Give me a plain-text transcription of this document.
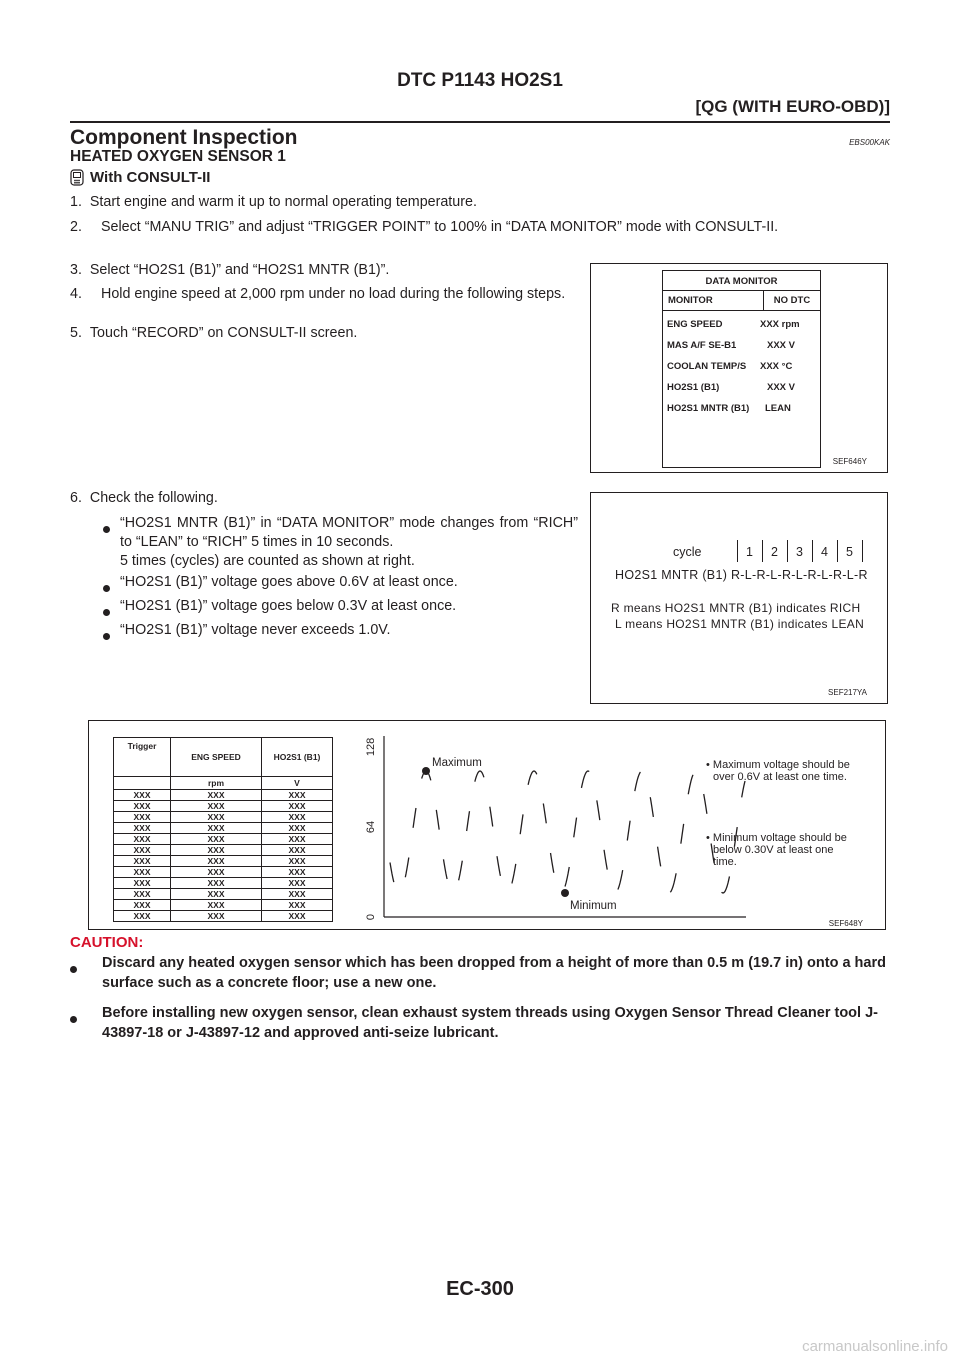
DTC P1143 HO2S1
[QG (WITH EURO-OBD)]
Component Inspection	EBS00KAK
HEATED OXYGEN SENSOR 1
With CONSULT-II
1. Start engine and warm it up to normal operating temperature.
2.	Select “MANU TRIG” and adjust “TRIGGER POINT” to 100% in “DATA MONITOR” mode with CONSULT-II.
3. Select “HO2S1 (B1)” and “HO2S1 MNTR (B1)”.
4.	Hold engine speed at 2,000 rpm under no load during the following steps.
5. Touch “RECORD” on CONSULT-II screen.
6. Check the following.
“HO2S1 MNTR (B1)” in “DATA MONITOR” mode changes from “RICH” to “LEAN” to “RICH” 5 times in 10 seconds.
5 times (cycles) are counted as shown at right.
“HO2S1 (B1)” voltage goes above 0.6V at least once.
“HO2S1 (B1)” voltage goes below 0.3V at least once.
“HO2S1 (B1)” voltage never exceeds 1.0V.
DATA MONITOR
MONITOR	NO DTC
ENG SPEED	XXX rpm
MAS A/F SE-B1	XXX V
COOLAN TEMP/S	XXX °C
HO2S1 (B1)	XXX V
HO2S1 MNTR (B1)	LEAN
SEF646Y
cycle	1 2 3 4 5
HO2S1 MNTR (B1) R-L-R-L-R-L-R-L-R-L-R
R means HO2S1 MNTR (B1) indicates RICH
L means HO2S1 MNTR (B1) indicates LEAN
SEF217YA
Trigger	ENG SPEED	HO2S1 (B1)

	rpm	V
XXX	XXX	XXX
XXX	XXX	XXX
XXX	XXX	XXX
XXX	XXX	XXX
XXX	XXX	XXX
XXX	XXX	XXX
XXX	XXX	XXX
XXX	XXX	XXX
XXX	XXX	XXX
XXX	XXX	XXX
XXX	XXX	XXX
XXX	XXX	XXX
128
64
0
Maximum
Minimum
• Maximum voltage should be over 0.6V at least one time.
• Minimum voltage should be below 0.30V at least one time.
SEF648Y
CAUTION:
Discard any heated oxygen sensor which has been dropped from a height of more than 0.5 m (19.7 in) onto a hard surface such as a concrete floor; use a new one.
Before installing new oxygen sensor, clean exhaust system threads using Oxygen Sensor Thread Cleaner tool J-43897-18 or J-43897-12 and approved anti-seize lubricant.
EC-300
carmanualsonline.info
